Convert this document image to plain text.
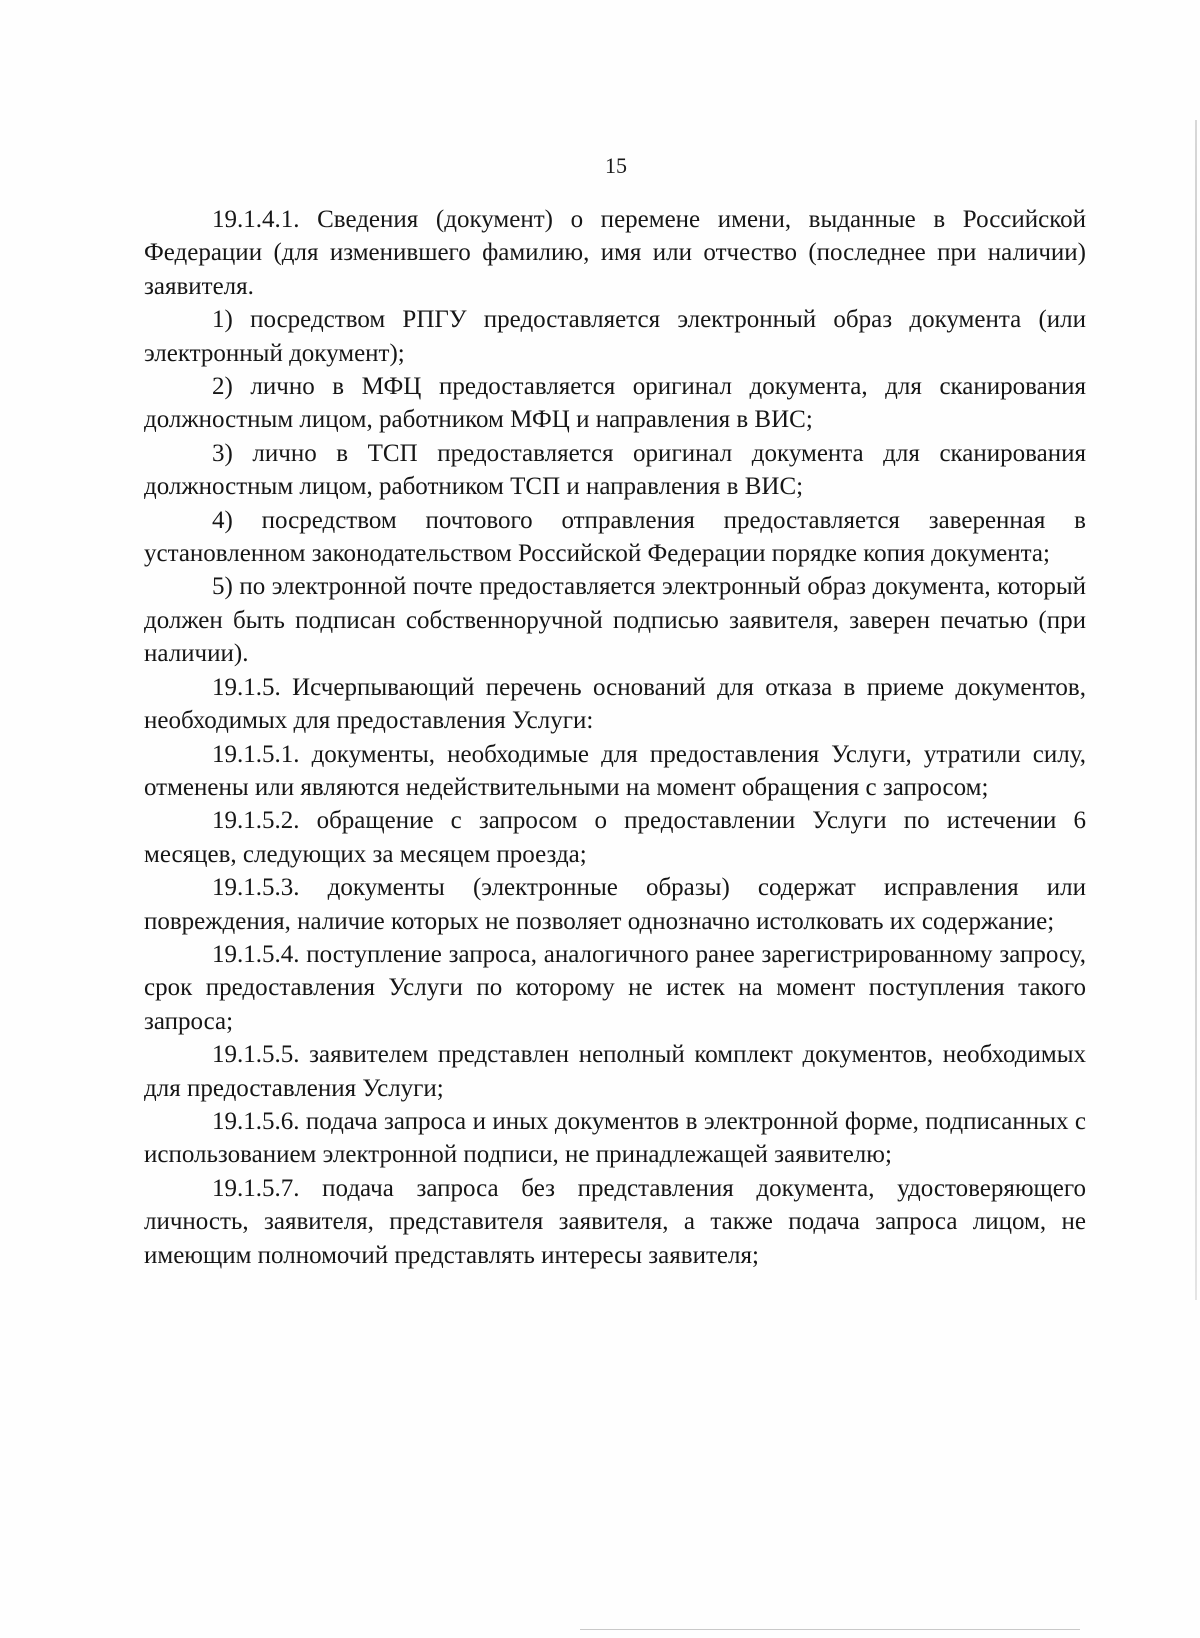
15

19.1.4.1. Сведения (документ) о перемене имени, выданные в Российской Федерации (для изменившего фамилию, имя или отчество (последнее при наличии) заявителя.

1) посредством РПГУ предоставляется электронный образ документа (или электронный документ);

2) лично в МФЦ предоставляется оригинал документа, для сканирования должностным лицом, работником МФЦ и направления в ВИС;

3) лично в ТСП предоставляется оригинал документа для сканирования должностным лицом, работником ТСП и направления в ВИС;

4) посредством почтового отправления предоставляется заверенная в установленном законодательством Российской Федерации порядке копия документа;

5) по электронной почте предоставляется электронный образ документа, который должен быть подписан собственноручной подписью заявителя, заверен печатью (при наличии).

19.1.5. Исчерпывающий перечень оснований для отказа в приеме документов, необходимых для предоставления Услуги:

19.1.5.1. документы, необходимые для предоставления Услуги, утратили силу, отменены или являются недействительными на момент обращения с запросом;

19.1.5.2. обращение с запросом о предоставлении Услуги по истечении 6 месяцев, следующих за месяцем проезда;

19.1.5.3. документы (электронные образы) содержат исправления или повреждения, наличие которых не позволяет однозначно истолковать их содержание;

19.1.5.4. поступление запроса, аналогичного ранее зарегистрированному запросу, срок предоставления Услуги по которому не истек на момент поступления такого запроса;

19.1.5.5. заявителем представлен неполный комплект документов, необходимых для предоставления Услуги;

19.1.5.6. подача запроса и иных документов в электронной форме, подписанных с использованием электронной подписи, не принадлежащей заявителю;

19.1.5.7. подача запроса без представления документа, удостоверяющего личность, заявителя, представителя заявителя, а также подача запроса лицом, не имеющим полномочий представлять интересы заявителя;
